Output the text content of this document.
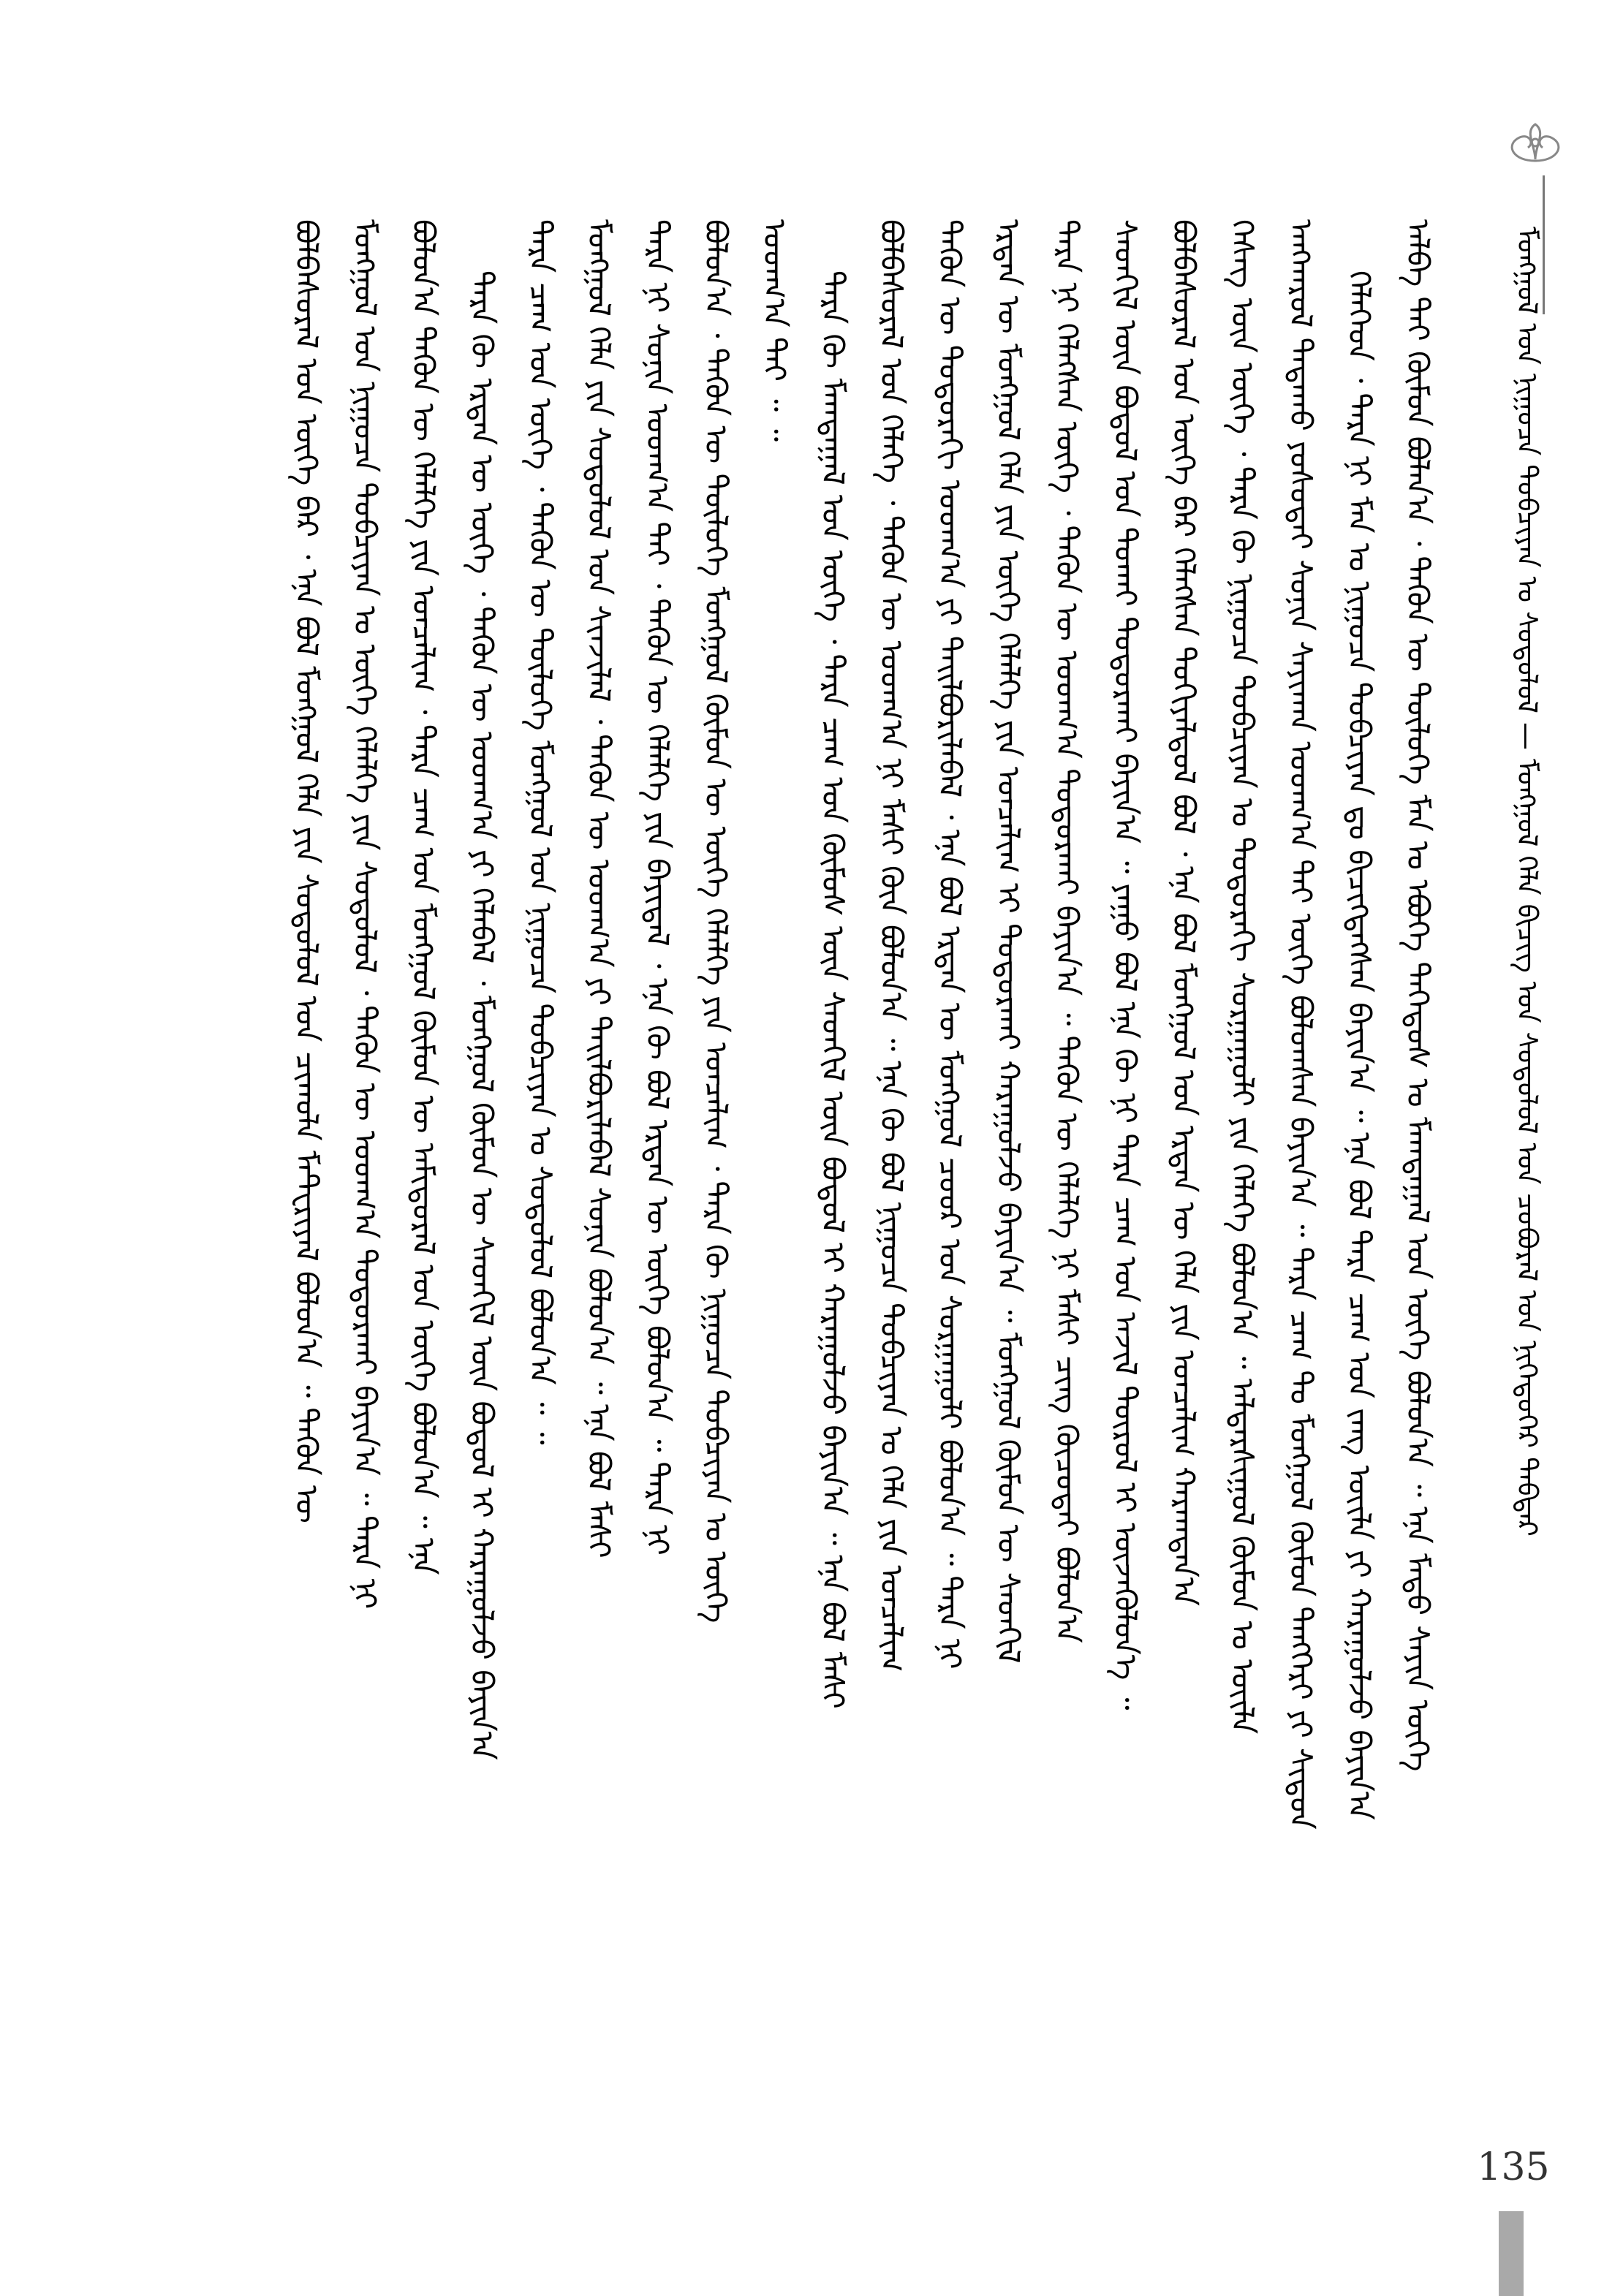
ᠮᠣᠩᠭᠣᠯ ᠤᠨ ᠨᠢᠭᠤᠴᠠ ᠲᠣᠪᠴᠢᠶᠠᠨ ᠤ ᠰᠤᠳᠤᠯᠤᠯ — ᠮᠣᠩᠭᠣᠯ ᠬᠡᠯᠡ ᠪᠢᠴᠢᠭ ᠤᠨ ᠰᠤᠳᠤᠯᠤᠯ ᠤᠨ ᠴᠤᠪᠤᠷᠠᠯ ᠤᠨ ᠨᠢᠭᠡᠳᠦᠭᠡᠷ ᠳᠡᠪᠲᠡᠷ
ᠠᠯᠪᠠ ᠲᠠᠢ ᠬᠦᠮᠦᠨ ᠪᠣᠯᠠᠨ᠎ᠠ ᠂ ᠲᠡᠭᠦᠨ ᠦ ᠲᠥᠯᠦᠭᠡ ᠮᠠᠨ ᠤ ᠡᠪᠦᠭᠡ ᠳᠡᠭᠡᠳᠦᠰ ᠤ ᠮᠠᠭᠲᠠᠭᠠᠯ ᠤᠨ ᠦᠭᠡ ᠪᠣᠯᠤᠨ᠎ᠠ ᠃ ᠡᠨᠡ ᠮᠡᠲᠦ ᠰᠠᠶᠢᠨ ᠦᠭᠡ
ᠬᠡᠯᠡᠭᠡᠳ ᠂ ᠲᠡᠷᠡ ᠨᠢ ᠮᠠᠨ ᠤ ᠨᠢᠭᠤᠴᠠ ᠲᠣᠪᠴᠢᠶᠠᠨ ᠳᠤ ᠪᠢᠴᠢᠭᠳᠡᠭᠰᠡᠨ ᠪᠠᠶᠢᠨ᠎ᠠ ᠃ ᠡᠨᠡ ᠪᠣᠯ ᠲᠡᠷᠡ ᠴᠠᠭ ᠤᠨ ᠵᠠᠩ ᠦᠢᠯᠡ ᠶᠢ ᠬᠠᠷᠠᠭᠤᠯᠵᠤ ᠪᠠᠶᠢᠨ᠎ᠠ
ᠠᠩᠬᠠᠷᠤᠯ ᠲᠠᠲᠠᠬᠤ ᠶᠣᠰᠣᠲᠠᠢ ᠰᠣᠨᠢᠨ ᠰᠠᠶᠢᠬᠠᠨ ᠤᠳᠬ᠎ᠠ ᠲᠠᠢ ᠦᠭᠡ ᠪᠣᠯᠤᠭᠰᠠᠨ ᠪᠠᠶᠢᠨ᠎ᠠ ᠃ ᠲᠡᠷᠡ ᠴᠠᠭ ᠲᠤ ᠮᠣᠩᠭᠣᠯ ᠬᠦᠮᠦᠨ ᠲᠡᠩᠭᠡᠷᠢ ᠶᠢ ᠰᠢᠲᠦᠨ
ᠬᠡᠰᠡᠭ ᠦᠨ ᠦᠭᠡ ᠂ ᠲᠡᠷᠡ ᠬᠦ ᠨᠢᠭᠤᠴᠠ ᠲᠣᠪᠴᠢᠶᠠᠨ ᠤ ᠳᠣᠲᠣᠷᠠᠬᠢ ᠰᠤᠷᠭᠠᠭᠤᠯᠢ ᠶᠢᠨ ᠬᠡᠯᠡᠭᠡ ᠪᠣᠯᠤᠨ᠎ᠠ ᠃ ᠠᠯᠳᠠᠷᠰᠢᠭᠤᠯ ᠬᠦᠮᠦᠨ ᠤ ᠦᠢᠯᠡ
ᠪᠣᠯᠪᠠᠰᠤᠷᠠᠯ ᠤᠨ ᠦᠭᠡ ᠪᠠᠷ ᠬᠡᠯᠡᠭᠰᠡᠨ ᠲᠣᠬᠢᠶᠠᠯᠳᠤᠯ ᠪᠣᠯ ᠂ ᠡᠨᠡ ᠪᠣᠯ ᠮᠣᠩᠭᠣᠯ ᠤᠨ ᠡᠷᠲᠡᠨ ᠦ ᠬᠡᠯᠡ ᠶᠢᠨ ᠣᠨᠴᠠᠯᠢᠭ ᠬᠠᠷᠠᠭᠳᠠᠨ᠎ᠠ
ᠰᠡᠳᠬᠢᠯ ᠦᠨ ᠪᠣᠳᠤᠯ ᠤᠨ ᠲᠤᠬᠠᠢ ᠲᠣᠳᠤᠷᠬᠠᠢ ᠪᠠᠶᠢᠨ᠎ᠠ ᠃ ᠶᠠᠭᠤ ᠪᠣᠯ ᠡᠨᠡ ᠬᠦ ᠨᠢ ᠲᠡᠷᠡ ᠴᠠᠭ ᠤᠨ ᠠᠵᠢᠯ ᠲᠥᠷᠥᠯ ᠢ ᠦᠵᠡᠭᠦᠯᠦᠨ᠎ᠡ ᠃
ᠲᠡᠷᠡ ᠨᠢ ᠬᠡᠯᠡᠭᠰᠡᠨ ᠦᠭᠡ ᠂ ᠲᠡᠭᠦᠨ ᠦ ᠤᠳᠬ᠎ᠠ ᠲᠣᠳᠤᠷᠬᠠᠢ ᠪᠠᠶᠢᠨ᠎ᠠ ᠃ ᠲᠡᠭᠦᠨ ᠦ ᠬᠡᠯᠡᠯᠭᠡ ᠨᠢ ᠮᠠᠰᠢ ᠴᠢᠩ ᠬᠦᠴᠦᠲᠡᠢ ᠪᠣᠯᠤᠨ᠎ᠠ
ᠡᠷᠲᠡᠨ ᠦ ᠮᠣᠩᠭᠣᠯ ᠬᠡᠯᠡ ᠶᠢᠨ ᠦᠭᠡ ᠬᠡᠯᠡᠯᠭᠡ ᠶᠢᠨ ᠣᠨᠴᠠᠯᠢᠭ ᠢ ᠲᠣᠳᠤᠷᠬᠠᠢ ᠬᠠᠷᠠᠭᠤᠯᠵᠤ ᠪᠠᠶᠢᠨ᠎ᠠ ᠃ ᠮᠣᠩᠭᠣᠯ ᠬᠦᠮᠦᠨ ᠦ ᠰᠡᠳᠬᠢᠯ
ᠲᠡᠭᠦᠨ ᠦ ᠳᠣᠲᠣᠷᠠᠬᠢ ᠤᠳᠬ᠎ᠠ ᠶᠢ ᠲᠠᠢᠯᠪᠤᠷᠢᠯᠠᠪᠠᠯ ᠂ ᠡᠨᠡ ᠪᠣᠯ ᠡᠷᠲᠡᠨ ᠦ ᠮᠣᠩᠭᠣᠯ ᠴᠤᠤᠷ ᠤᠨ ᠰᠤᠷᠭᠠᠭᠤᠯᠢ ᠪᠣᠯᠤᠨ᠎ᠠ ᠃ ᠲᠡᠷᠡ ᠨᠢ
ᠪᠣᠯᠪᠠᠰᠤᠷᠠᠯ ᠤᠨ ᠬᠡᠯᠡᠭᠡ ᠂ ᠲᠡᠭᠦᠨ ᠦ ᠤᠳᠬ᠎ᠠ ᠨᠢ ᠮᠠᠰᠢ ᠭᠦᠨ ᠪᠣᠯᠤᠨ᠎ᠠ ᠃ ᠡᠨᠡ ᠬᠦ ᠪᠣᠯ ᠨᠢᠭᠤᠴᠠ ᠲᠣᠪᠴᠢᠶᠠᠨ ᠤ ᠬᠡᠯᠡ ᠶᠢᠨ ᠣᠨᠴᠠᠯᠢᠭ
ᠲᠡᠷᠡ ᠬᠦ ᠮᠠᠭᠲᠠᠭᠠᠯ ᠤᠨ ᠦᠭᠡ ᠂ ᠲᠡᠷᠡ ᠴᠠᠭ ᠤᠨ ᠬᠦᠮᠦᠰ ᠦᠨ ᠰᠡᠳᠬᠢᠯ ᠦᠨ ᠪᠣᠳᠤᠯ ᠢ ᠬᠠᠷᠠᠭᠤᠯᠵᠤ ᠪᠠᠶᠢᠨ᠎ᠠ ᠃ ᠡᠨᠡ ᠪᠣᠯ ᠮᠠᠰᠢ
ᠤᠳᠬ᠎ᠠ ᠲᠠᠢ ᠃ ᠃
ᠪᠣᠯᠤᠨ᠎ᠠ ᠂ ᠲᠡᠭᠦᠨ ᠦ ᠲᠥᠯᠦᠭᠡ ᠮᠣᠩᠭᠣᠯ ᠬᠦᠮᠦᠨ ᠦ ᠦᠭᠡ ᠬᠡᠯᠡᠯᠭᠡ ᠶᠢᠨ ᠣᠨᠴᠠᠯᠢᠭ ᠂ ᠲᠡᠷᠡ ᠬᠦ ᠨᠢᠭᠤᠴᠠ ᠲᠣᠪᠴᠢᠶᠠᠨ ᠤ ᠦᠭᠡ
ᠲᠡᠷᠡ ᠨᠢ ᠰᠣᠨᠢᠨ ᠤᠳᠬ᠎ᠠ ᠲᠠᠢ ᠂ ᠲᠡᠭᠦᠨ ᠦ ᠬᠡᠯᠡᠯᠭᠡ ᠶᠢᠨ ᠪᠠᠶᠢᠳᠠᠯ ᠂ ᠡᠨᠡ ᠬᠦ ᠪᠣᠯ ᠡᠷᠲᠡᠨ ᠦ ᠦᠭᠡ ᠪᠣᠯᠤᠨ᠎ᠠ ᠃ ᠲᠡᠷᠡ ᠨᠢ
ᠮᠣᠩᠭᠣᠯ ᠬᠡᠯᠡ ᠶᠢᠨ ᠰᠤᠳᠤᠯᠤᠯ ᠤᠨ ᠰᠢᠨᠵᠢᠯᠡᠯ ᠂ ᠲᠡᠭᠦᠨ ᠦ ᠤᠳᠬ᠎ᠠ ᠶᠢ ᠲᠠᠢᠯᠪᠤᠷᠢᠯᠠᠪᠠᠯ ᠰᠣᠨᠢᠨ ᠪᠣᠯᠤᠨ᠎ᠠ ᠃ ᠡᠨᠡ ᠪᠣᠯ ᠮᠠᠰᠢ
ᠲᠡᠷᠡ ᠴᠠᠭ ᠤᠨ ᠦᠭᠡ ᠂ ᠲᠡᠭᠦᠨ ᠦ ᠲᠥᠯᠦᠭᠡ ᠮᠣᠩᠭᠣᠯ ᠤᠨ ᠨᠢᠭᠤᠴᠠ ᠲᠣᠪᠴᠢᠶᠠᠨ ᠤ ᠰᠤᠳᠤᠯᠤᠯ ᠪᠣᠯᠤᠨ᠎ᠠ ᠃ ᠃
ᠲᠡᠷᠡ ᠬᠦ ᠡᠷᠲᠡᠨ ᠦ ᠦᠭᠡ ᠂ ᠲᠡᠭᠦᠨ ᠦ ᠤᠳᠬ᠎ᠠ ᠶᠢ ᠬᠡᠯᠡᠪᠡᠯ ᠂ ᠮᠣᠩᠭᠣᠯ ᠬᠦᠮᠦᠨ ᠦ ᠰᠡᠳᠬᠢᠯ ᠦᠨ ᠪᠣᠳᠤᠯ ᠢ ᠬᠠᠷᠠᠭᠤᠯᠵᠤ ᠪᠠᠶᠢᠨ᠎ᠠ
ᠪᠣᠯᠤᠨ᠎ᠠ ᠲᠡᠭᠦᠨ ᠦ ᠬᠡᠯᠡᠯᠭᠡ ᠶᠢᠨ ᠣᠨᠴᠠᠯᠢᠭ ᠂ ᠲᠡᠷᠡ ᠴᠠᠭ ᠤᠨ ᠮᠣᠩᠭᠣᠯ ᠬᠦᠮᠦᠨ ᠦ ᠠᠮᠢᠳᠤᠷᠠᠯ ᠤᠨ ᠦᠭᠡ ᠪᠣᠯᠤᠨ᠎ᠠ ᠃ ᠡᠨᠡ
ᠮᠣᠩᠭᠣᠯ ᠤᠨ ᠨᠢᠭᠤᠴᠠ ᠲᠣᠪᠴᠢᠶᠠᠨ ᠤ ᠦᠭᠡ ᠬᠡᠯᠡᠯᠭᠡ ᠶᠢᠨ ᠰᠤᠳᠤᠯᠤᠯ ᠂ ᠲᠡᠭᠦᠨ ᠦ ᠤᠳᠬ᠎ᠠ ᠲᠣᠳᠤᠷᠬᠠᠢ ᠪᠠᠶᠢᠨ᠎ᠠ ᠃ ᠲᠡᠷᠡ ᠨᠢ
ᠪᠣᠯᠪᠠᠰᠤᠷᠠᠯ ᠤᠨ ᠦᠭᠡ ᠪᠠᠷ ᠂ ᠡᠨᠡ ᠪᠣᠯ ᠮᠣᠩᠭᠣᠯ ᠬᠡᠯᠡ ᠶᠢᠨ ᠰᠤᠳᠤᠯᠤᠯ ᠤᠨ ᠴᠢᠬᠤᠯᠠ ᠮᠠᠲᠧᠷᠢᠶᠠᠯ ᠪᠣᠯᠤᠨ᠎ᠠ ᠃ ᠲᠡᠭᠦᠨ ᠦ
135
